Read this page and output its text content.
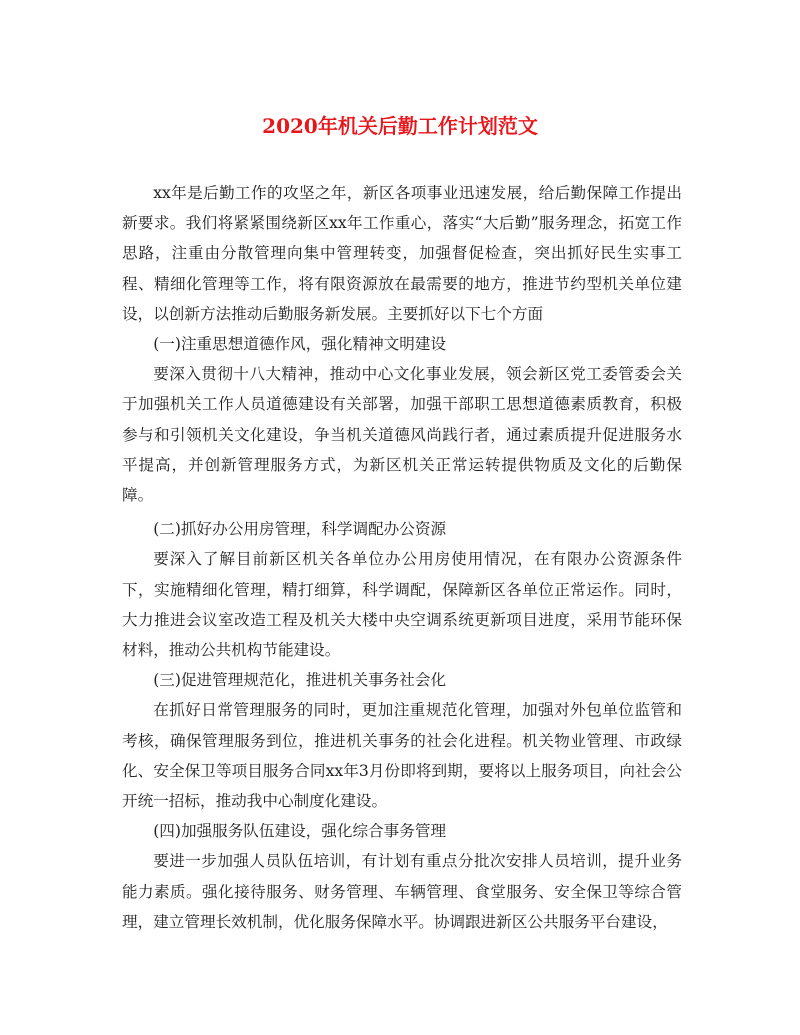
2020年机关后勤工作计划范文

xx年是后勤工作的攻坚之年，新区各项事业迅速发展，给后勤保障工作提出新要求。我们将紧紧围绕新区xx年工作重心，落实“大后勤”服务理念，拓宽工作思路，注重由分散管理向集中管理转变，加强督促检查，突出抓好民生实事工程、精细化管理等工作，将有限资源放在最需要的地方，推进节约型机关单位建设，以创新方法推动后勤服务新发展。主要抓好以下七个方面

(一)注重思想道德作风，强化精神文明建设

要深入贯彻十八大精神，推动中心文化事业发展，领会新区党工委管委会关于加强机关工作人员道德建设有关部署，加强干部职工思想道德素质教育，积极参与和引领机关文化建设，争当机关道德风尚践行者，通过素质提升促进服务水平提高，并创新管理服务方式，为新区机关正常运转提供物质及文化的后勤保障。

(二)抓好办公用房管理，科学调配办公资源

要深入了解目前新区机关各单位办公用房使用情况，在有限办公资源条件下，实施精细化管理，精打细算，科学调配，保障新区各单位正常运作。同时，大力推进会议室改造工程及机关大楼中央空调系统更新项目进度，采用节能环保材料，推动公共机构节能建设。

(三)促进管理规范化，推进机关事务社会化

在抓好日常管理服务的同时，更加注重规范化管理，加强对外包单位监管和考核，确保管理服务到位，推进机关事务的社会化进程。机关物业管理、市政绿化、安全保卫等项目服务合同xx年3月份即将到期，要将以上服务项目，向社会公开统一招标，推动我中心制度化建设。

(四)加强服务队伍建设，强化综合事务管理

要进一步加强人员队伍培训，有计划有重点分批次安排人员培训，提升业务能力素质。强化接待服务、财务管理、车辆管理、食堂服务、安全保卫等综合管理，建立管理长效机制，优化服务保障水平。协调跟进新区公共服务平台建设，
